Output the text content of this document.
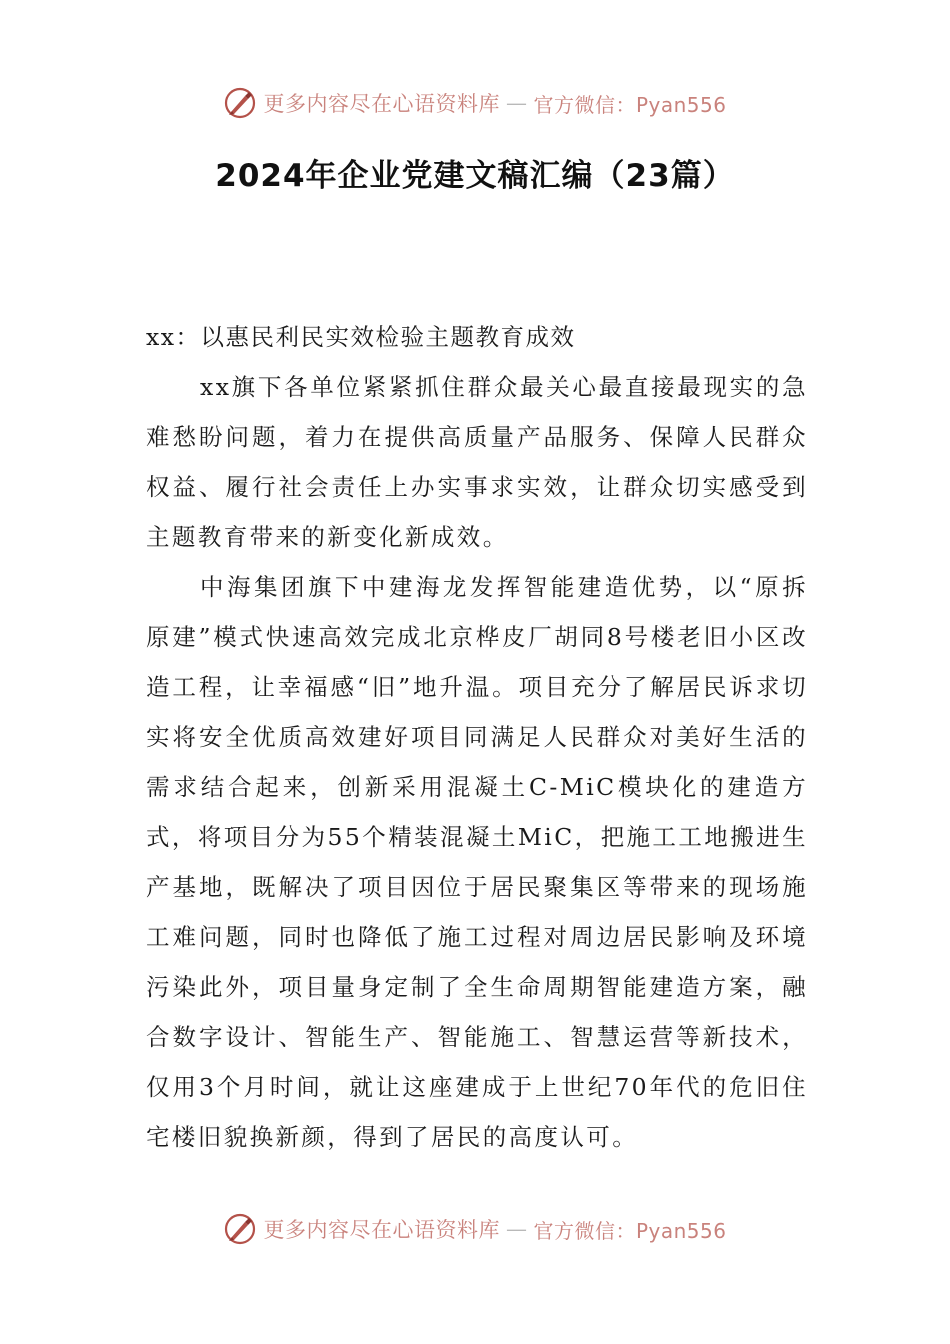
更多内容尽在心语资料库 — 官方微信：Pyan556
2024年企业党建文稿汇编（23篇）

xx：以惠民利民实效检验主题教育成效

xx旗下各单位紧紧抓住群众最关心最直接最现实的急难愁盼问题，着力在提供高质量产品服务、保障人民群众权益、履行社会责任上办实事求实效，让群众切实感受到主题教育带来的新变化新成效。

中海集团旗下中建海龙发挥智能建造优势，以“原拆原建”模式快速高效完成北京桦皮厂胡同8号楼老旧小区改造工程，让幸福感“旧”地升温。项目充分了解居民诉求切实将安全优质高效建好项目同满足人民群众对美好生活的需求结合起来，创新采用混凝土C-MiC模块化的建造方式，将项目分为55个精装混凝土MiC，把施工工地搬进生产基地，既解决了项目因位于居民聚集区等带来的现场施工难问题，同时也降低了施工过程对周边居民影响及环境污染此外，项目量身定制了全生命周期智能建造方案，融合数字设计、智能生产、智能施工、智慧运营等新技术，仅用3个月时间，就让这座建成于上世纪70年代的危旧住宅楼旧貌换新颜，得到了居民的高度认可。

更多内容尽在心语资料库 — 官方微信：Pyan556
